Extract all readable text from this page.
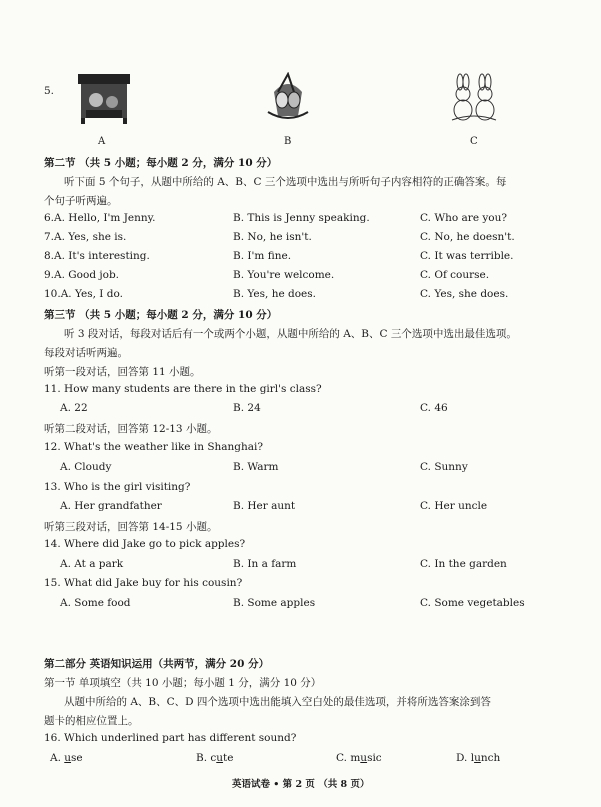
5.
A	B	C
第二节 （共 5 小题；每小题 2 分，满分 10 分）
听下面 5 个句子，从题中所给的 A、B、C 三个选项中选出与所听句子内容相符的正确答案。每
个句子听两遍。
6.A. Hello, I'm Jenny.	B. This is Jenny speaking.	C. Who are you?
7.A. Yes, she is.	B. No, he isn't.	C. No, he doesn't.
8.A. It's interesting.	B. I'm fine.	C. It was terrible.
9.A. Good job.	B. You're welcome.	C. Of course.
10.A. Yes, I do.	B. Yes, he does.	C. Yes, she does.
第三节 （共 5 小题；每小题 2 分，满分 10 分）
听 3 段对话，每段对话后有一个或两个小题，从题中所给的 A、B、C 三个选项中选出最佳选项。
每段对话听两遍。
听第一段对话，回答第 11 小题。
11. How many students are there in the girl's class?
A. 22	B. 24	C. 46
听第二段对话，回答第 12-13 小题。
12. What's the weather like in Shanghai?
A. Cloudy	B. Warm	C. Sunny
13. Who is the girl visiting?
A. Her grandfather	B. Her aunt	C. Her uncle
听第三段对话，回答第 14-15 小题。
14. Where did Jake go to pick apples?
A. At a park	B. In a farm	C. In the garden
15. What did Jake buy for his cousin?
A. Some food	B. Some apples	C. Some vegetables
第二部分 英语知识运用（共两节，满分 20 分）
第一节 单项填空（共 10 小题；每小题 1 分，满分 10 分）
从题中所给的 A、B、C、D 四个选项中选出能填入空白处的最佳选项，并将所选答案涂到答
题卡的相应位置上。
16. Which underlined part has different sound?
A. use	B. cute	C. music	D. lunch
英语试卷 • 第 2 页 （共 8 页）
